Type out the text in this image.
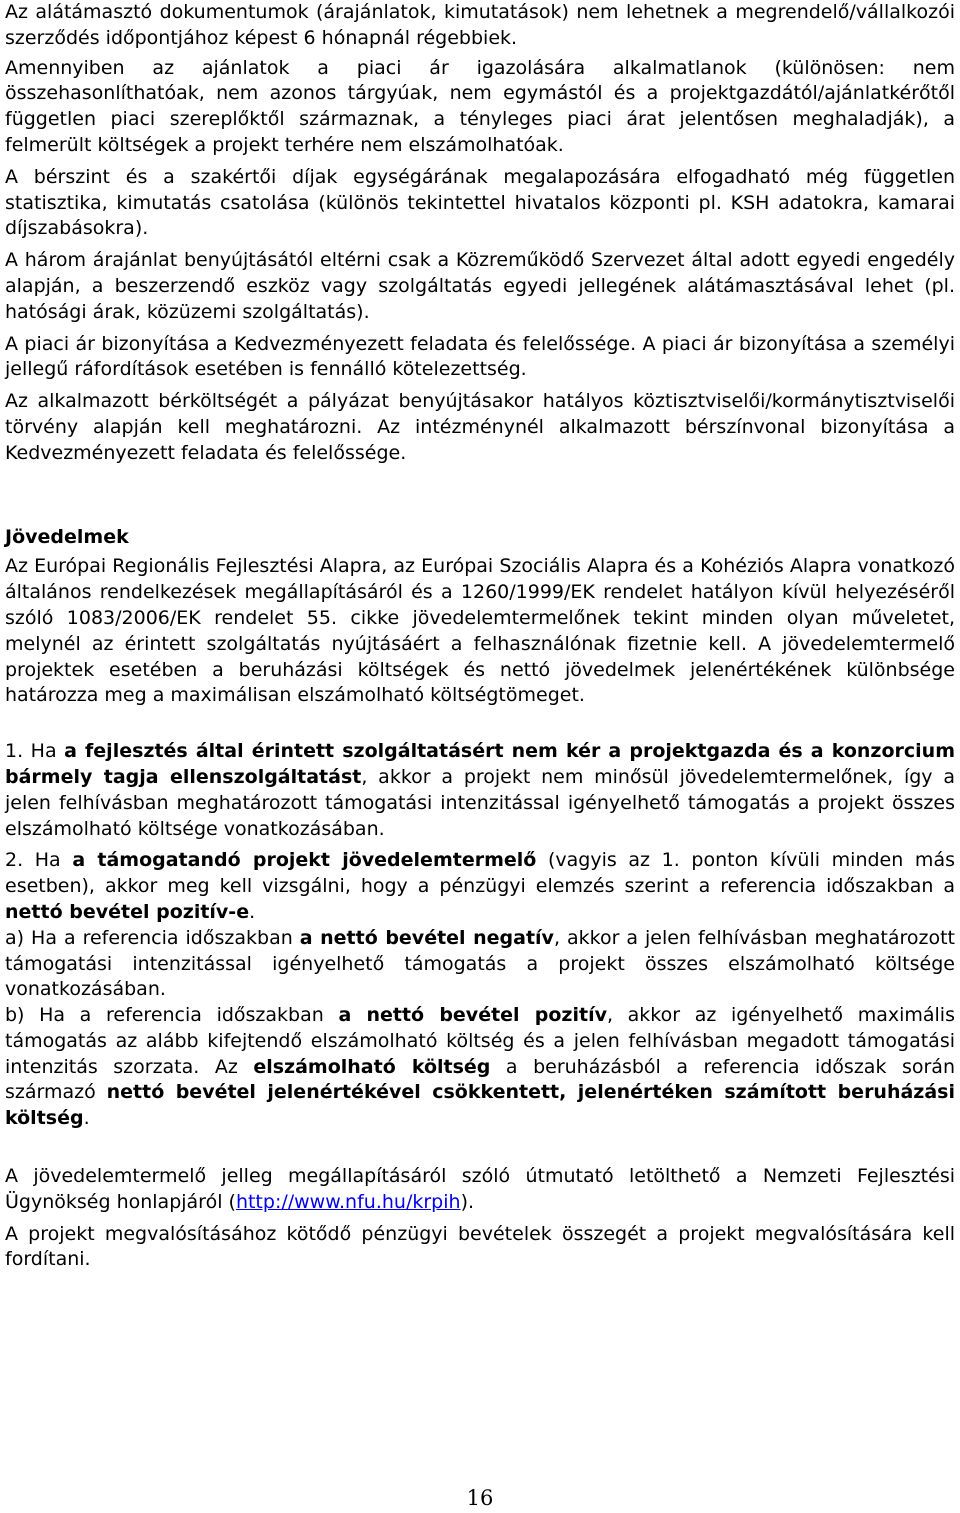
Az alátámasztó dokumentumok (árajánlatok, kimutatások) nem lehetnek a megrendelő/vállalkozói szerződés időpontjához képest 6 hónapnál régebbiek.

Amennyiben az ajánlatok a piaci ár igazolására alkalmatlanok (különösen: nem összehasonlíthatóak, nem azonos tárgyúak, nem egymástól és a projektgazdától/ajánlatkérőtől független piaci szereplőktől származnak, a tényleges piaci árat jelentősen meghaladják), a felmerült költségek a projekt terhére nem elszámolhatóak.

A bérszint és a szakértői díjak egységárának megalapozására elfogadható még független statisztika, kimutatás csatolása (különös tekintettel hivatalos központi pl. KSH adatokra, kamarai díjszabásokra).

A három árajánlat benyújtásától eltérni csak a Közreműködő Szervezet által adott egyedi engedély alapján, a beszerzendő eszköz vagy szolgáltatás egyedi jellegének alátámasztásával lehet (pl. hatósági árak, közüzemi szolgáltatás).

A piaci ár bizonyítása a Kedvezményezett feladata és felelőssége. A piaci ár bizonyítása a személyi jellegű ráfordítások esetében is fennálló kötelezettség.

Az alkalmazott bérköltségét a pályázat benyújtásakor hatályos köztisztviselői/kormánytisztviselői törvény alapján kell meghatározni. Az intézménynél alkalmazott bérszínvonal bizonyítása a Kedvezményezett feladata és felelőssége.

Jövedelmek

Az Európai Regionális Fejlesztési Alapra, az Európai Szociális Alapra és a Kohéziós Alapra vonatkozó általános rendelkezések megállapításáról és a 1260/1999/EK rendelet hatályon kívül helyezéséről szóló 1083/2006/EK rendelet 55. cikke jövedelemtermelőnek tekint minden olyan műveletet, melynél az érintett szolgáltatás nyújtásáért a felhasználónak fizetnie kell. A jövedelemtermelő projektek esetében a beruházási költségek és nettó jövedelmek jelenértékének különbsége határozza meg a maximálisan elszámolható költségtömeget.

1. Ha a fejlesztés által érintett szolgáltatásért nem kér a projektgazda és a konzorcium bármely tagja ellenszolgáltatást, akkor a projekt nem minősül jövedelemtermelőnek, így a jelen felhívásban meghatározott támogatási intenzitással igényelhető támogatás a projekt összes elszámolható költsége vonatkozásában.

2. Ha a támogatandó projekt jövedelemtermelő (vagyis az 1. ponton kívüli minden más esetben), akkor meg kell vizsgálni, hogy a pénzügyi elemzés szerint a referencia időszakban a nettó bevétel pozitív-e.

a) Ha a referencia időszakban a nettó bevétel negatív, akkor a jelen felhívásban meghatározott támogatási intenzitással igényelhető támogatás a projekt összes elszámolható költsége vonatkozásában.

b) Ha a referencia időszakban a nettó bevétel pozitív, akkor az igényelhető maximális támogatás az alább kifejtendő elszámolható költség és a jelen felhívásban megadott támogatási intenzitás szorzata. Az elszámolható költség a beruházásból a referencia időszak során származó nettó bevétel jelenértékével csökkentett, jelenértéken számított beruházási költség.

A jövedelemtermelő jelleg megállapításáról szóló útmutató letölthető a Nemzeti Fejlesztési Ügynökség honlapjáról (http://www.nfu.hu/krpih).

A projekt megvalósításához kötődő pénzügyi bevételek összegét a projekt megvalósítására kell fordítani.

16
